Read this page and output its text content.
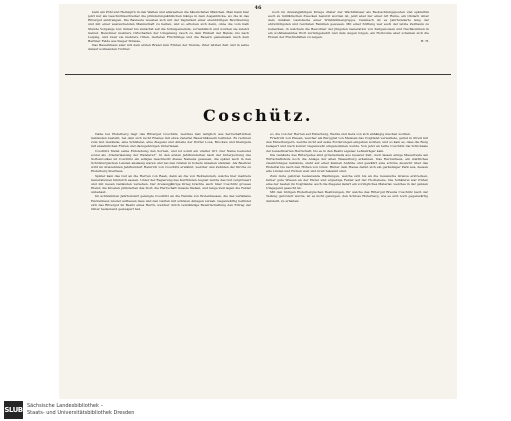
46

barn am Pöhl und Heinzgirn in den Walten und allerselben die häuslichsten Mädchen. Man kann hier jetzt nur als Geschichtsschreiber die plünderungsähnlichen Gänge in dem Augenblicke, wo die in das Rittergut eindrangen. Die Bauleute wussten sich mit der Tapferkeit einer ebenbürtigen Bevölkerung und mit einer ausreichenden Mannschaft zu helfen, und so erhoben sich denn, ohne die vom halb Stunde Vorgangs nur, immer bis zunächst auf die Schulgemeinde, vornehmlich und wurden sie zuletzt Gebiet. Bewohner mehrere Ortschaften der Umgebung rasch zu dem Einhalt der Bande, bis nach Leipzig, und zwar sie mehrere ritten, Gerieten Flüchtlinge und die Bauern gemeinsam nach dem Berliner Felde aus Sieger Strasse.

Das Bauernhaus aber mit dem ersten Brand zum Ernten der Stunde, ihrer letzten Zeit und in seine darauf wohnenden Töchter.

noch im dreissigjährigen Kriege düster der Wachthäuser als Beobachtungsposten und späterhin auch zu militärischen Zwecken benutzt worden ist, jetzt aber nur einer Art Ruine, ein Obdach unter dem dunklen Laubdache einer Windmühlengruppe. Demnach ist es Jahrhunderte lang der ehrwürdigsten und reichsten Familien gewesen. Mit einer Stiftung war auch der letzte Zeitraum zu bemerken, in welchem die Bewohner der jüngsten Generation von Zeitgenossen und Nachkommen in ein wohlbekanntes Wort zurückgekehrt und dem Augen folgen, am Horizonte aber scheinen sich die Hoben der Fluchtstätten zu zeigen.

H. H.
Coschütz.

Nahe bei Elsterberg liegt das Rittergut Coschütz, welches fast lediglich aus herrschaftlichen Gebäuden besteht, bei dem sich recht Ebenes mit etwa vielerlei Bauernhäusern befindet. Es rechnen zum Gut Gebäude, eine Schäferei, eine Ziegelei und Anteile der Dörfer Losa, Brockau und Kleingera mit ansehnlichen Fluren und dazugehörigen Untertanen.

Coschütz findet seine Entstehung den Sorben, und ist somit ein uralter Ort. Der Name bedeutet soviel als „Niederlassung der Wanderer“. In den ersten Jahrhunderten nach der Unterjochung des Sorbenvolkes ist Coschütz ein adliges Geschlecht dieses Namens gewesen, die später auch in den Schönburgischen Landen ansässig waren und bei den Grafen in hohem Ansehen standen. Als Besitzer wird im dreizehnten Jahrhundert Heinrich von Coschütz erwähnt, welcher den Zehnten der Kirche zu Elsterberg überliess.

Später kam das Gut an die Herren von Raab, dann an die von Reitzenstein, welche hier mehrere Generationen hindurch sassen. Unter der Regierung des Kurfürsten August wurde das Gut vergrössert und mit neuen Gebäuden versehen. Der dreissigjährige Krieg brachte auch über Coschütz grosses Elend; die Kroaten plünderten das Dorf, die Herrschaft musste fliehen, und lange Zeit lagen die Felder unbebaut.

Im achtzehnten Jahrhundert gelangte Coschütz an die Familie von Bodenhausen, die das verfallene Herrenhaus wieder aufbauen liess und den Garten mit schönen Anlagen versah. Gegenwärtig befindet sich das Rittergut im Besitz eines Herrn, welcher durch verständige Bewirtschaftung den Ertrag der Güter bedeutend gesteigert hat.

so, die von der Herren auf Elsterberg, Werda und Gera von sich abhängig machen wollten.

Friedrich von Plauen, welcher als Burggraf von Meissen das Voigtland verwaltete, geriet in Streit mit den Elsterbergern, welche nicht auf seine Forderungen eingehen wollten; und so kam es, dass die Burg belagert und nach kurzer Gegenwehr eingenommen wurde. Von jetzt an teilte Coschütz die Schicksale der benachbarten Herrschaft, bis es in den Besitz eigener Lehnsträger kam.

Die Gebäude des Rittergutes sind grösstenteils aus neuerer Zeit, doch lassen einige Mauerreste am Wirtschaftshofe noch die Anlage der alten Wasserburg erkennen. Das Herrenhaus, ein stattliches zweistöckiges Gebäude, steht auf einer kleinen Anhöhe und gewährt eine schöne Aussicht über das Elstertal bis nach den Höhen von Greiz. Hinter dem Hause dehnt sich ein geräumiger Park aus, dessen alte Linden und Eichen weit und breit bekannt sind.

Zum Gute gehören bedeutende Waldungen, welche sich bis an die reussische Grenze erstrecken, ferner gute Wiesen an der Elster und ergiebige Felder auf der Hochebene. Die Schäferei war früher eine der besten im Voigtlande; auch die Ziegelei liefert ein vorzügliches Material, welches in der ganzen Umgegend gesucht ist.

Mit den übrigen Elsterbergischen Besitzungen, für welche das Rittergut Brauns Coschütz nach der Teilung gefordert wurde, ist es nicht gelungen, den Schloss Elsterberg, wie es sich noch gegenwärtig darstellt, zu erhalten.

SLUB Sächsische Landesbibliothek –
Staats- und Universitätsbibliothek Dresden
